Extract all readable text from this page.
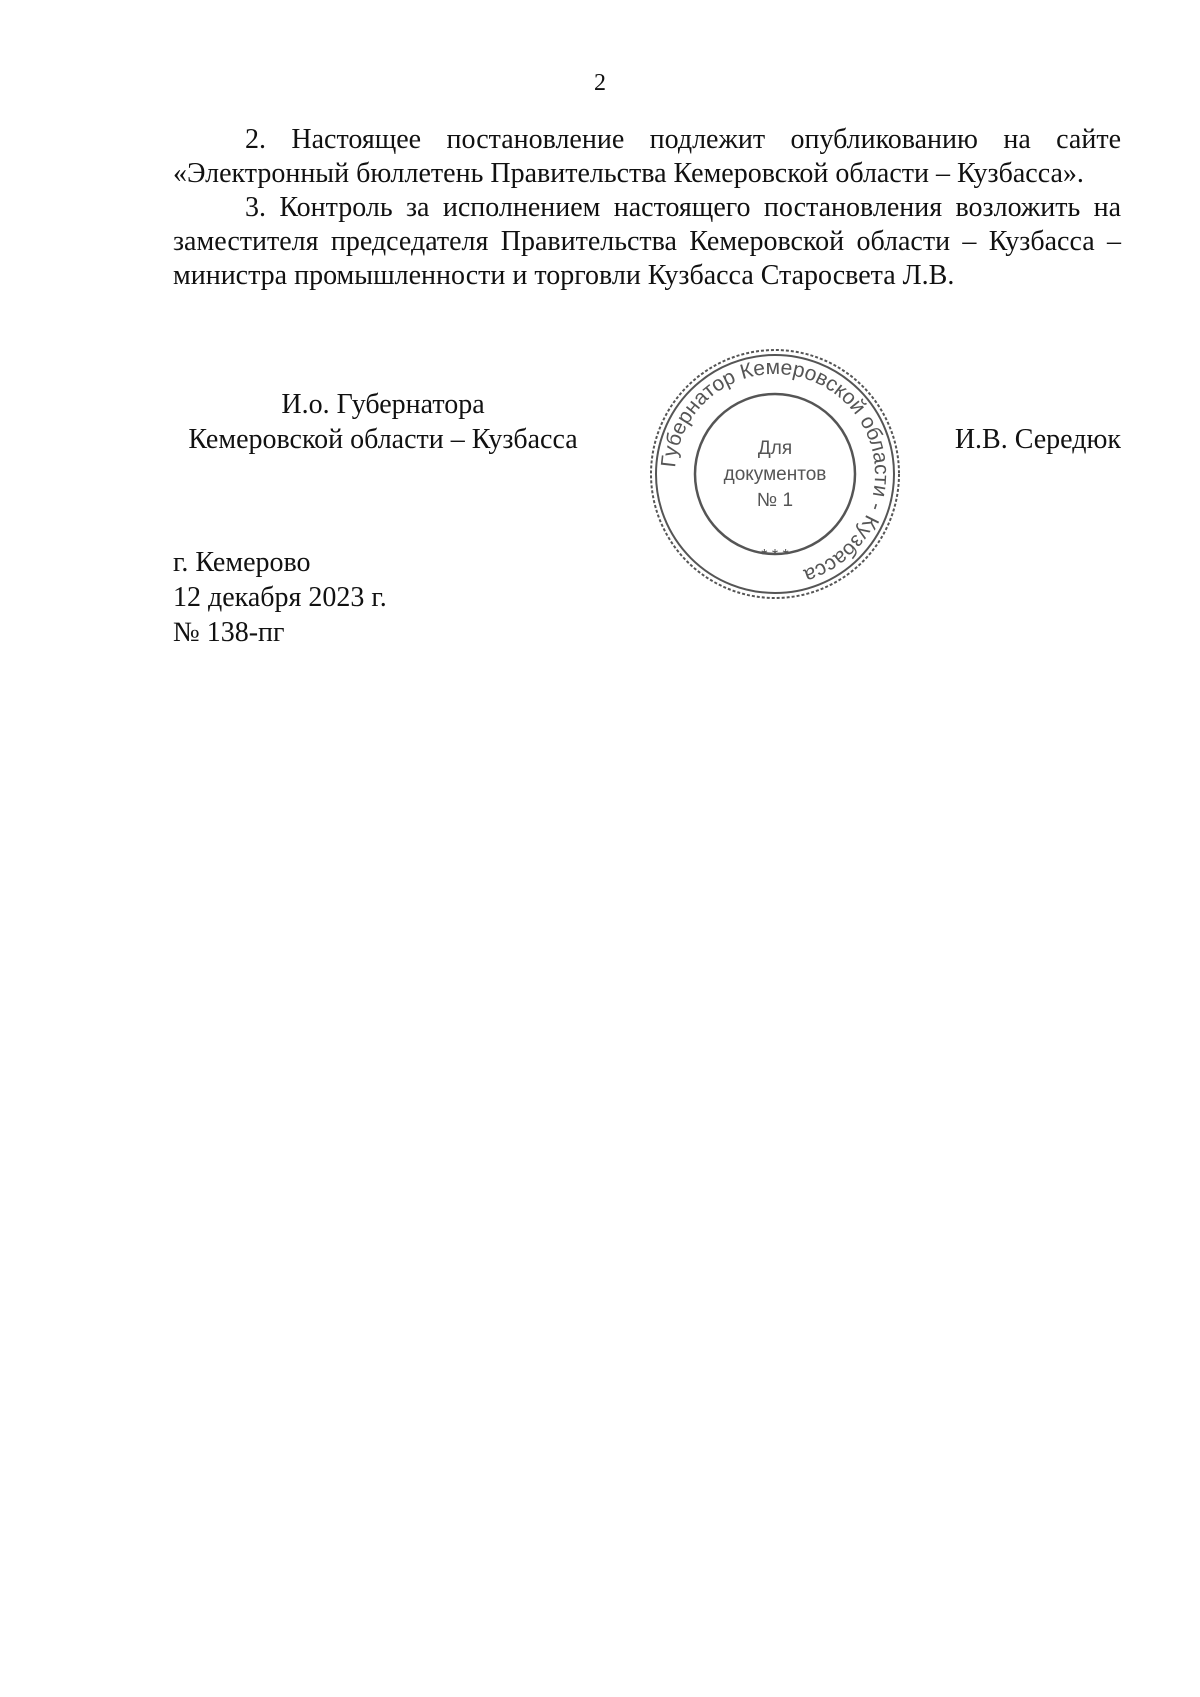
2

2. Настоящее постановление подлежит опубликованию на сайте «Электронный бюллетень Правительства Кемеровской области – Кузбасса».

3. Контроль за исполнением настоящего постановления возложить на заместителя председателя Правительства Кемеровской области – Кузбасса – министра промышленности и торговли Кузбасса Старосвета Л.В.

И.о. Губернатора
Кемеровской области – Кузбасса	И.В. Середюк
Губернатор Кемеровской области - Кузбасса
* * *
Для
документов
№ 1
г. Кемерово
12 декабря 2023 г.
№ 138-пг
